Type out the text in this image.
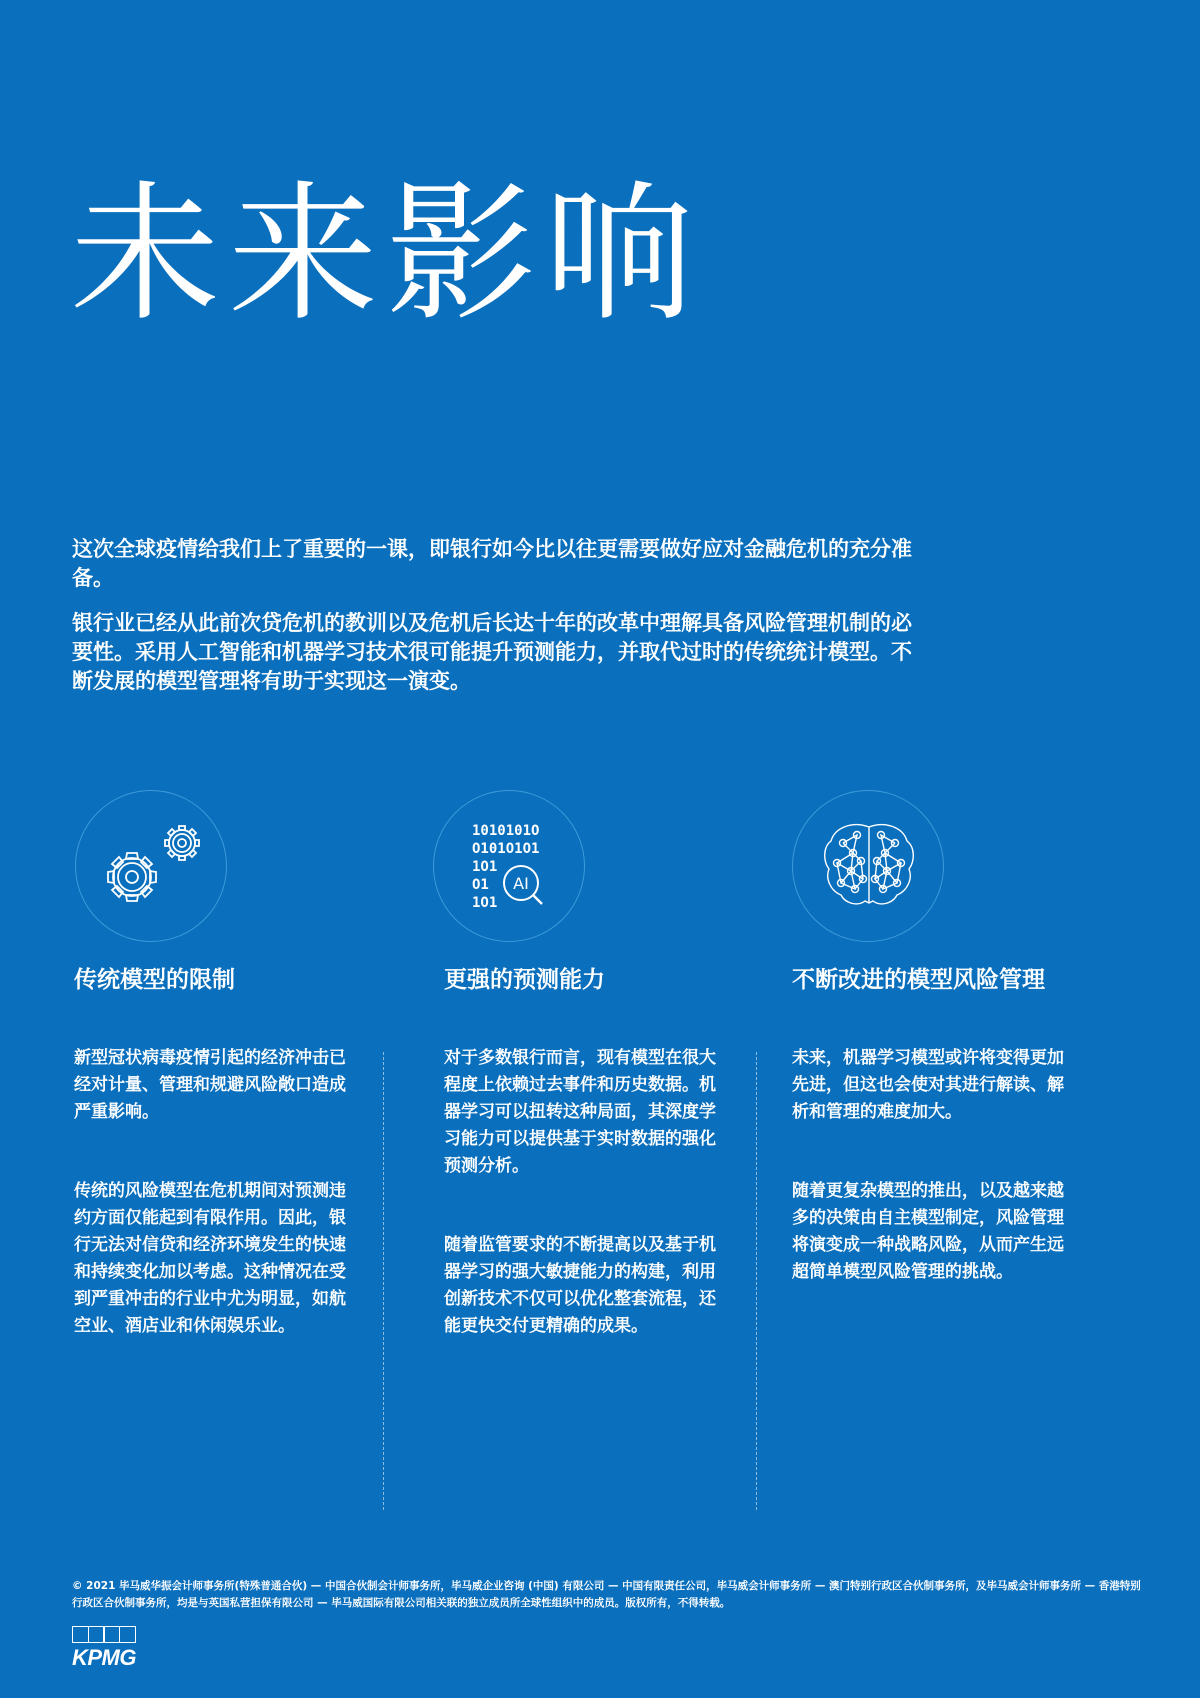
未来影响

这次全球疫情给我们上了重要的一课，即银行如今比以往更需要做好应对金融危机的充分准备。

银行业已经从此前次贷危机的教训以及危机后长达十年的改革中理解具备风险管理机制的必要性。采用人工智能和机器学习技术很可能提升预测能力，并取代过时的传统统计模型。不断发展的模型管理将有助于实现这一演变。

1010101O
O101O1O1
1O1
O1
1O1
AI
传统模型的限制	更强的预测能力	不断改进的模型风险管理

新型冠状病毒疫情引起的经济冲击已经对计量、管理和规避风险敞口造成严重影响。

传统的风险模型在危机期间对预测违约方面仅能起到有限作用。因此，银行无法对信贷和经济环境发生的快速和持续变化加以考虑。这种情况在受到严重冲击的行业中尤为明显，如航空业、酒店业和休闲娱乐业。

对于多数银行而言，现有模型在很大程度上依赖过去事件和历史数据。机器学习可以扭转这种局面，其深度学习能力可以提供基于实时数据的强化预测分析。

随着监管要求的不断提高以及基于机器学习的强大敏捷能力的构建，利用创新技术不仅可以优化整套流程，还能更快交付更精确的成果。

未来，机器学习模型或许将变得更加先进，但这也会使对其进行解读、解析和管理的难度加大。

随着更复杂模型的推出，以及越来越多的决策由自主模型制定，风险管理将演变成一种战略风险，从而产生远超简单模型风险管理的挑战。

© 2021 毕马威华振会计师事务所(特殊普通合伙) — 中国合伙制会计师事务所，毕马威企业咨询 (中国) 有限公司 — 中国有限责任公司，毕马威会计师事务所 — 澳门特别行政区合伙制事务所，及毕马威会计师事务所 — 香港特别行政区合伙制事务所，均是与英国私营担保有限公司 — 毕马威国际有限公司相关联的独立成员所全球性组织中的成员。版权所有，不得转载。
KPMG
